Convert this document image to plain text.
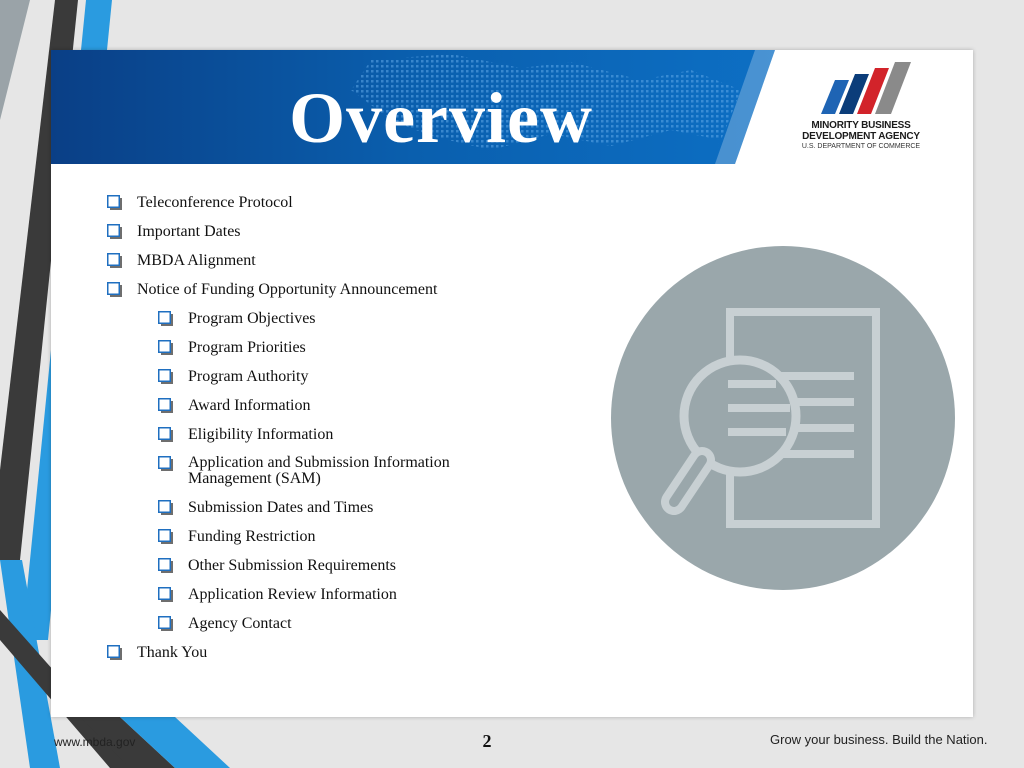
Overview	MINORITY BUSINESS
DEVELOPMENT AGENCY
U.S. DEPARTMENT OF COMMERCE
Teleconference Protocol
Important Dates
MBDA Alignment
Notice of Funding Opportunity Announcement
Program Objectives
Program Priorities
Program Authority
Award Information
Eligibility Information
Application and Submission Information
Management (SAM)
Submission Dates and Times
Funding Restriction
Other Submission Requirements
Application Review Information
Agency Contact
Thank You
www.mbda.gov	2	Grow your business. Build the Nation.
